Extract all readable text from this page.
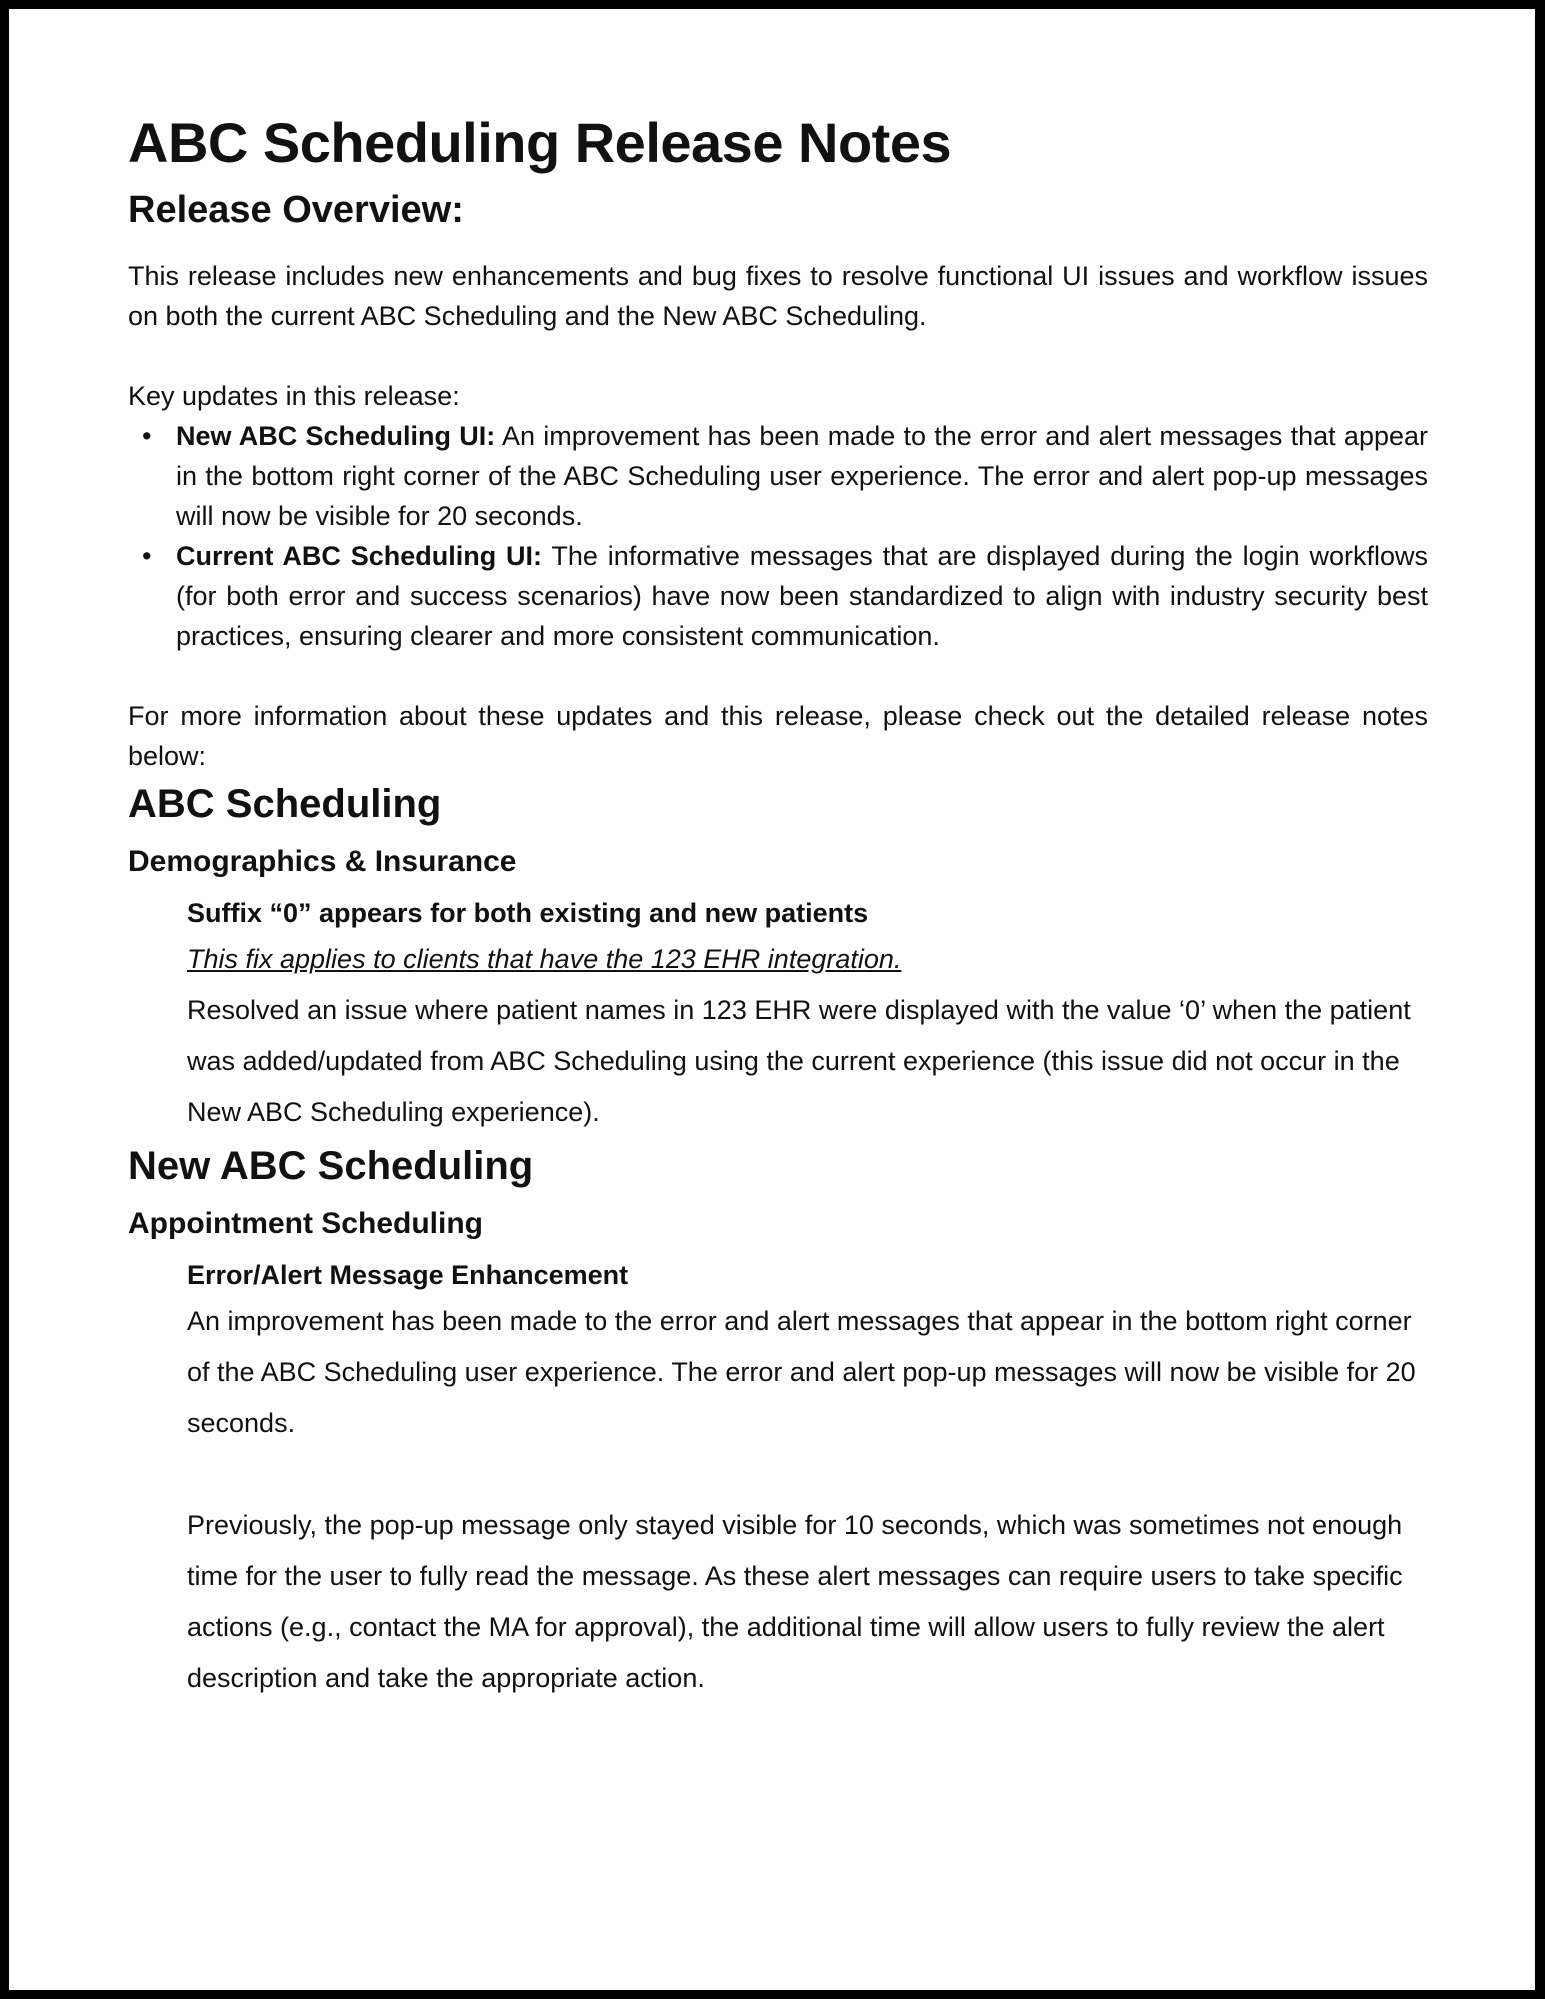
ABC Scheduling Release Notes
Release Overview:

This release includes new enhancements and bug fixes to resolve functional UI issues and workflow issues on both the current ABC Scheduling and the New ABC Scheduling.

Key updates in this release:

• New ABC Scheduling UI: An improvement has been made to the error and alert messages that appear in the bottom right corner of the ABC Scheduling user experience. The error and alert pop-up messages will now be visible for 20 seconds.
• Current ABC Scheduling UI: The informative messages that are displayed during the login workflows (for both error and success scenarios) have now been standardized to align with industry security best practices, ensuring clearer and more consistent communication.

For more information about these updates and this release, please check out the detailed release notes below:

ABC Scheduling
Demographics & Insurance
Suffix “0” appears for both existing and new patients

This fix applies to clients that have the 123 EHR integration.

Resolved an issue where patient names in 123 EHR were displayed with the value ‘0’ when the patient was added/updated from ABC Scheduling using the current experience (this issue did not occur in the New ABC Scheduling experience).

New ABC Scheduling
Appointment Scheduling
Error/Alert Message Enhancement

An improvement has been made to the error and alert messages that appear in the bottom right corner of the ABC Scheduling user experience. The error and alert pop-up messages will now be visible for 20 seconds.

Previously, the pop-up message only stayed visible for 10 seconds, which was sometimes not enough time for the user to fully read the message. As these alert messages can require users to take specific actions (e.g., contact the MA for approval), the additional time will allow users to fully review the alert description and take the appropriate action.
